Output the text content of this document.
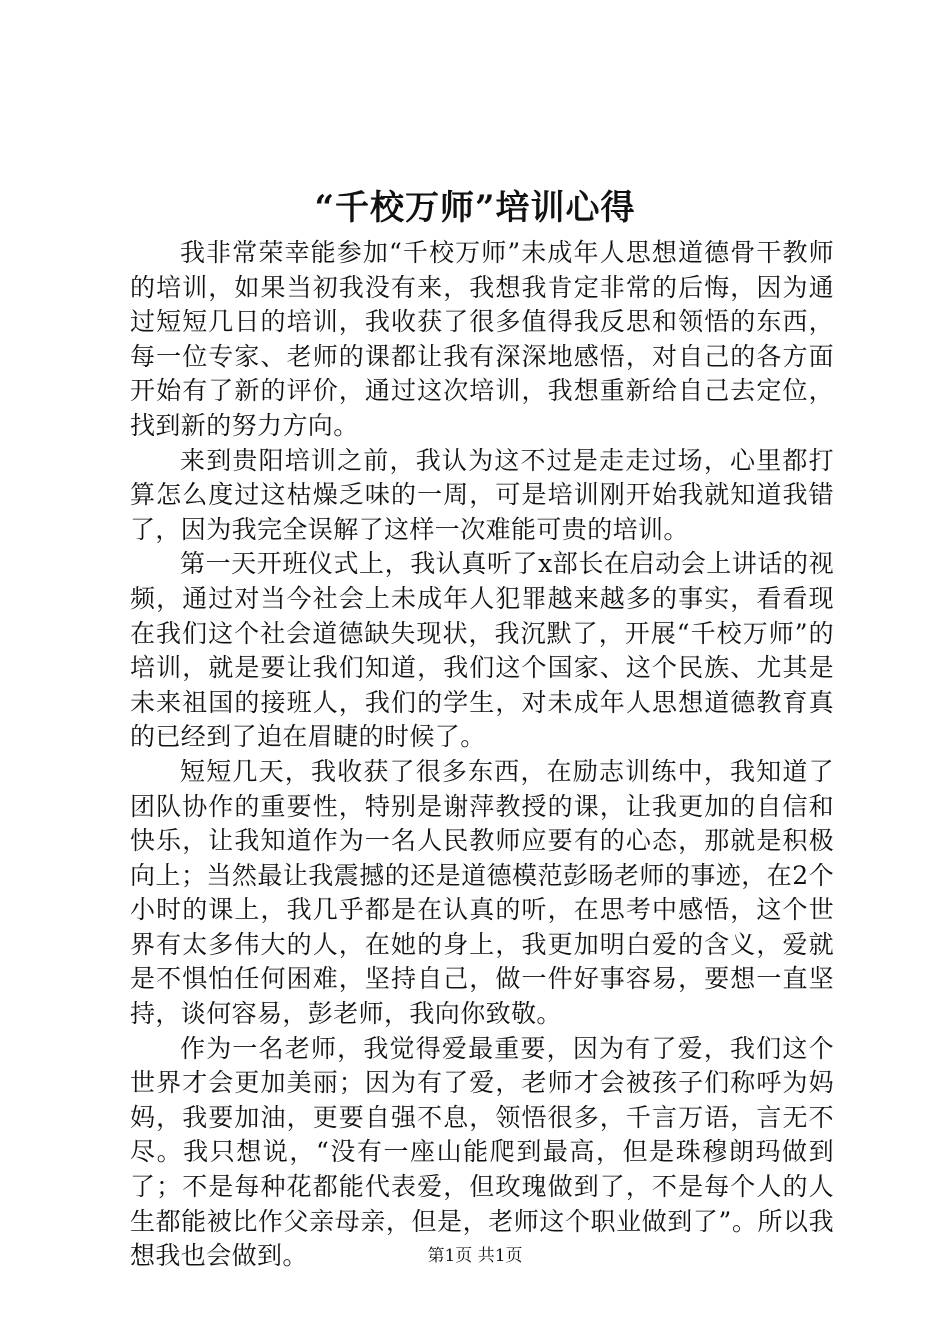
“千校万师”培训心得

我非常荣幸能参加“千校万师”未成年人思想道德骨干教师的培训，如果当初我没有来，我想我肯定非常的后悔，因为通过短短几日的培训，我收获了很多值得我反思和领悟的东西，每一位专家、老师的课都让我有深深地感悟，对自己的各方面开始有了新的评价，通过这次培训，我想重新给自己去定位，找到新的努力方向。

来到贵阳培训之前，我认为这不过是走走过场，心里都打算怎么度过这枯燥乏味的一周，可是培训刚开始我就知道我错了，因为我完全误解了这样一次难能可贵的培训。

第一天开班仪式上，我认真听了x部长在启动会上讲话的视频，通过对当今社会上未成年人犯罪越来越多的事实，看看现在我们这个社会道德缺失现状，我沉默了，开展“千校万师”的培训，就是要让我们知道，我们这个国家、这个民族、尤其是未来祖国的接班人，我们的学生，对未成年人思想道德教育真的已经到了迫在眉睫的时候了。

短短几天，我收获了很多东西，在励志训练中，我知道了团队协作的重要性，特别是谢萍教授的课，让我更加的自信和快乐，让我知道作为一名人民教师应要有的心态，那就是积极向上；当然最让我震撼的还是道德模范彭旸老师的事迹，在2个小时的课上，我几乎都是在认真的听，在思考中感悟，这个世界有太多伟大的人，在她的身上，我更加明白爱的含义，爱就是不惧怕任何困难，坚持自己，做一件好事容易，要想一直坚持，谈何容易，彭老师，我向你致敬。

作为一名老师，我觉得爱最重要，因为有了爱，我们这个世界才会更加美丽；因为有了爱，老师才会被孩子们称呼为妈妈，我要加油，更要自强不息，领悟很多，千言万语，言无不尽。我只想说，“没有一座山能爬到最高，但是珠穆朗玛做到了；不是每种花都能代表爱，但玫瑰做到了，不是每个人的人生都能被比作父亲母亲，但是，老师这个职业做到了”。所以我想我也会做到。	第1页 共1页
